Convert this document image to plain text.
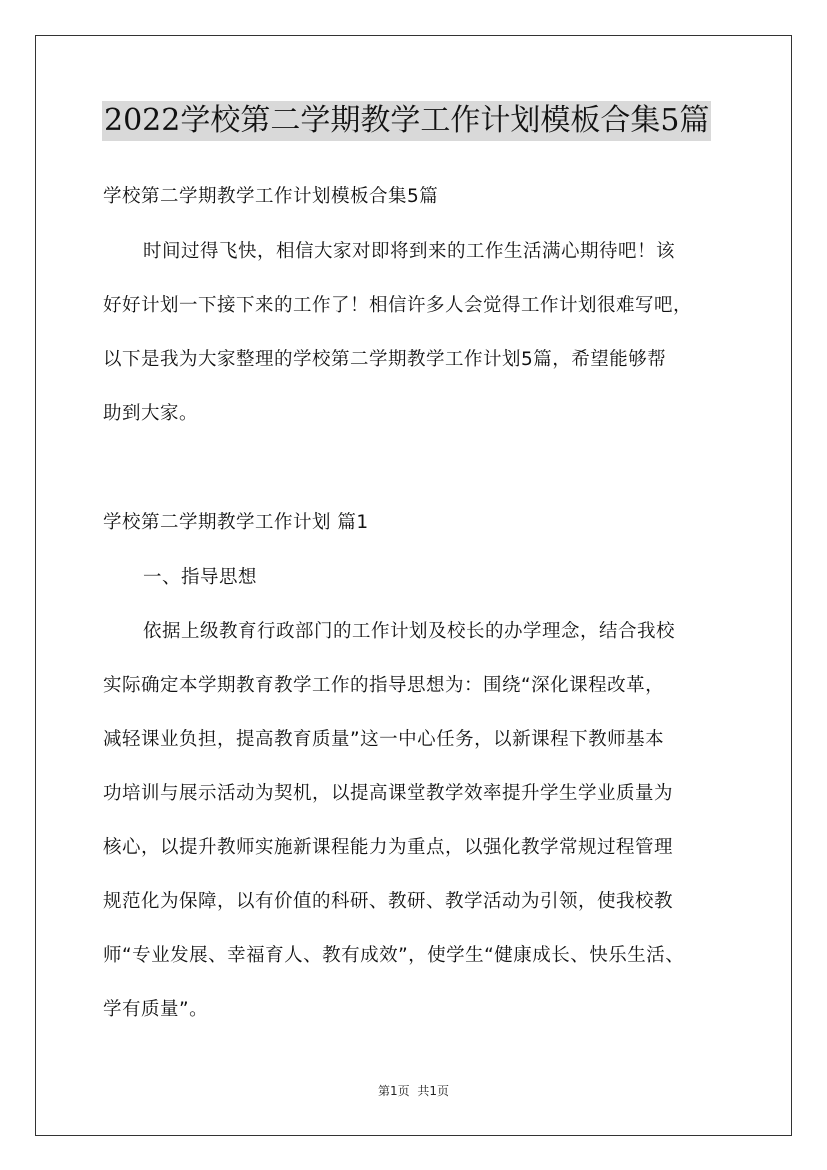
2022学校第二学期教学工作计划模板合集5篇

学校第二学期教学工作计划模板合集5篇

时间过得飞快，相信大家对即将到来的工作生活满心期待吧！该

好好计划一下接下来的工作了！相信许多人会觉得工作计划很难写吧，

以下是我为大家整理的学校第二学期教学工作计划5篇，希望能够帮

助到大家。

学校第二学期教学工作计划 篇1

一、指导思想

依据上级教育行政部门的工作计划及校长的办学理念，结合我校

实际确定本学期教育教学工作的指导思想为：围绕“深化课程改革，

减轻课业负担，提高教育质量”这一中心任务，以新课程下教师基本

功培训与展示活动为契机，以提高课堂教学效率提升学生学业质量为

核心，以提升教师实施新课程能力为重点，以强化教学常规过程管理

规范化为保障，以有价值的科研、教研、教学活动为引领，使我校教

师“专业发展、幸福育人、教有成效”，使学生“健康成长、快乐生活、

学有质量”。

第1页 共1页
